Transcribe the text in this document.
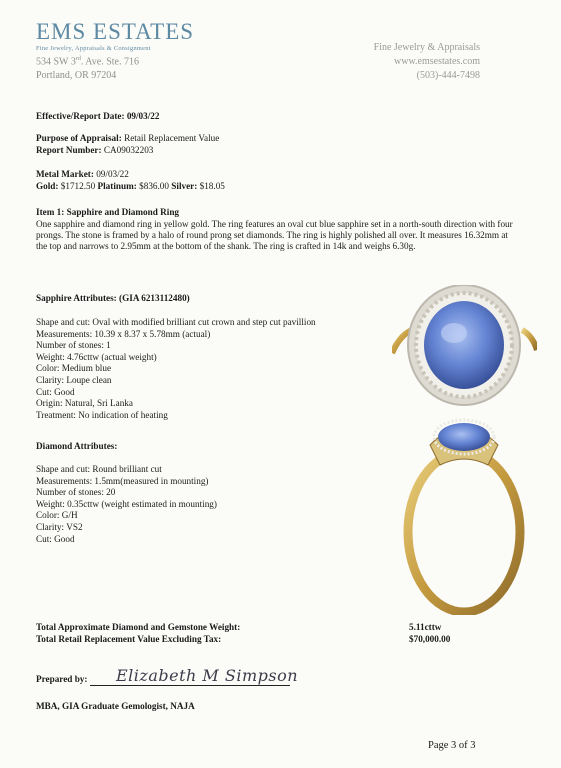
EMS ESTATES
Fine Jewelry, Appraisals & Consignment
534 SW 3rd. Ave. Ste. 716
Portland, OR 97204
Fine Jewelry & Appraisals
www.emsestates.com
(503)-444-7498
Effective/Report Date: 09/03/22
Purpose of Appraisal: Retail Replacement Value
Report Number: CA09032203
Metal Market: 09/03/22
Gold: $1712.50 Platinum: $836.00 Silver: $18.05
Item 1: Sapphire and Diamond Ring
One sapphire and diamond ring in yellow gold. The ring features an oval cut blue sapphire set in a north-south direction with four prongs. The stone is framed by a halo of round prong set diamonds. The ring is highly polished all over. It measures 16.32mm at the top and narrows to 2.95mm at the bottom of the shank. The ring is crafted in 14k and weighs 6.30g.
Sapphire Attributes: (GIA 6213112480)
Shape and cut: Oval with modified brilliant cut crown and step cut pavillion
Measurements: 10.39 x 8.37 x 5.78mm (actual)
Number of stones: 1
Weight: 4.76cttw (actual weight)
Color: Medium blue
Clarity: Loupe clean
Cut: Good
Origin: Natural, Sri Lanka
Treatment: No indication of heating
Diamond Attributes:
Shape and cut: Round brilliant cut
Measurements: 1.5mm(measured in mounting)
Number of stones: 20
Weight: 0.35cttw (weight estimated in mounting)
Color: G/H
Clarity: VS2
Cut: Good
Total Approximate Diamond and Gemstone Weight:	5.11cttw
Total Retail Replacement Value Excluding Tax:	$70,000.00
Prepared by: Elizabeth M Simpson
MBA, GIA Graduate Gemologist, NAJA
Page 3 of 3
